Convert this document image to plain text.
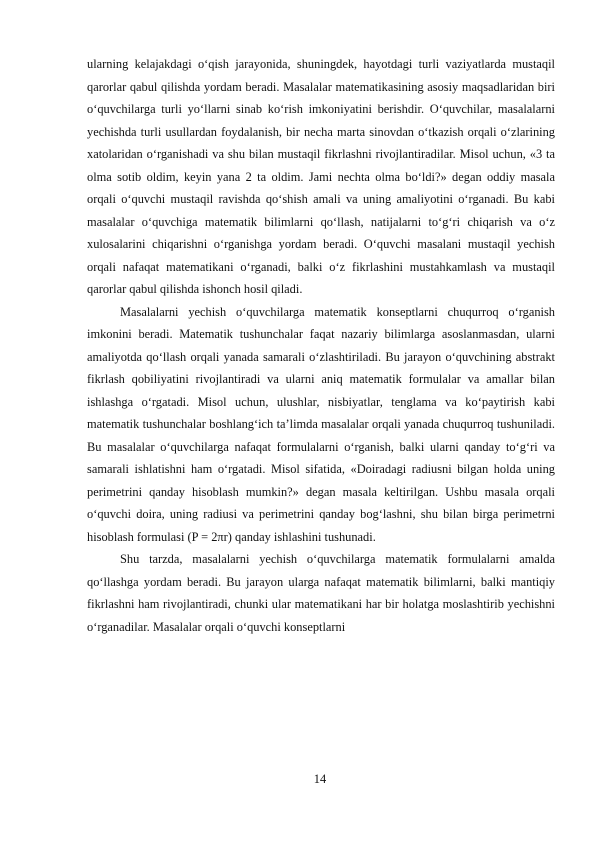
ularning kelajakdagi o‘qish jarayonida, shuningdek, hayotdagi turli vaziyatlarda mustaqil qarorlar qabul qilishda yordam beradi. Masalalar matematikasining asosiy maqsadlaridan biri o‘quvchilarga turli yo‘llarni sinab ko‘rish imkoniyatini berishdir. O‘quvchilar, masalalarni yechishda turli usullardan foydalanish, bir necha marta sinovdan o‘tkazish orqali o‘zlarining xatolaridan o‘rganishadi va shu bilan mustaqil fikrlashni rivojlantiradilar. Misol uchun, «3 ta olma sotib oldim, keyin yana 2 ta oldim. Jami nechta olma bo‘ldi?» degan oddiy masala orqali o‘quvchi mustaqil ravishda qo‘shish amali va uning amaliyotini o‘rganadi. Bu kabi masalalar o‘quvchiga matematik bilimlarni qo‘llash, natijalarni to‘g‘ri chiqarish va o‘z xulosalarini chiqarishni o‘rganishga yordam beradi. O‘quvchi masalani mustaqil yechish orqali nafaqat matematikani o‘rganadi, balki o‘z fikrlashini mustahkamlash va mustaqil qarorlar qabul qilishda ishonch hosil qiladi.

Masalalarni yechish o‘quvchilarga matematik konseptlarni chuqurroq o‘rganish imkonini beradi. Matematik tushunchalar faqat nazariy bilimlarga asoslanmasdan, ularni amaliyotda qo‘llash orqali yanada samarali o‘zlashtiriladi. Bu jarayon o‘quvchining abstrakt fikrlash qobiliyatini rivojlantiradi va ularni aniq matematik formulalar va amallar bilan ishlashga o‘rgatadi. Misol uchun, ulushlar, nisbiyatlar, tenglama va ko‘paytirish kabi matematik tushunchalar boshlang‘ich ta’limda masalalar orqali yanada chuqurroq tushuniladi. Bu masalalar o‘quvchilarga nafaqat formulalarni o‘rganish, balki ularni qanday to‘g‘ri va samarali ishlatishni ham o‘rgatadi. Misol sifatida, «Doiradagi radiusni bilgan holda uning perimetrini qanday hisoblash mumkin?» degan masala keltirilgan. Ushbu masala orqali o‘quvchi doira, uning radiusi va perimetrini qanday bog‘lashni, shu bilan birga perimetrni hisoblash formulasi (P = 2πr) qanday ishlashini tushunadi.

Shu tarzda, masalalarni yechish o‘quvchilarga matematik formulalarni amalda qo‘llashga yordam beradi. Bu jarayon ularga nafaqat matematik bilimlarni, balki mantiqiy fikrlashni ham rivojlantiradi, chunki ular matematikani har bir holatga moslashtirib yechishni o‘rganadilar. Masalalar orqali o‘quvchi konseptlarni

14
